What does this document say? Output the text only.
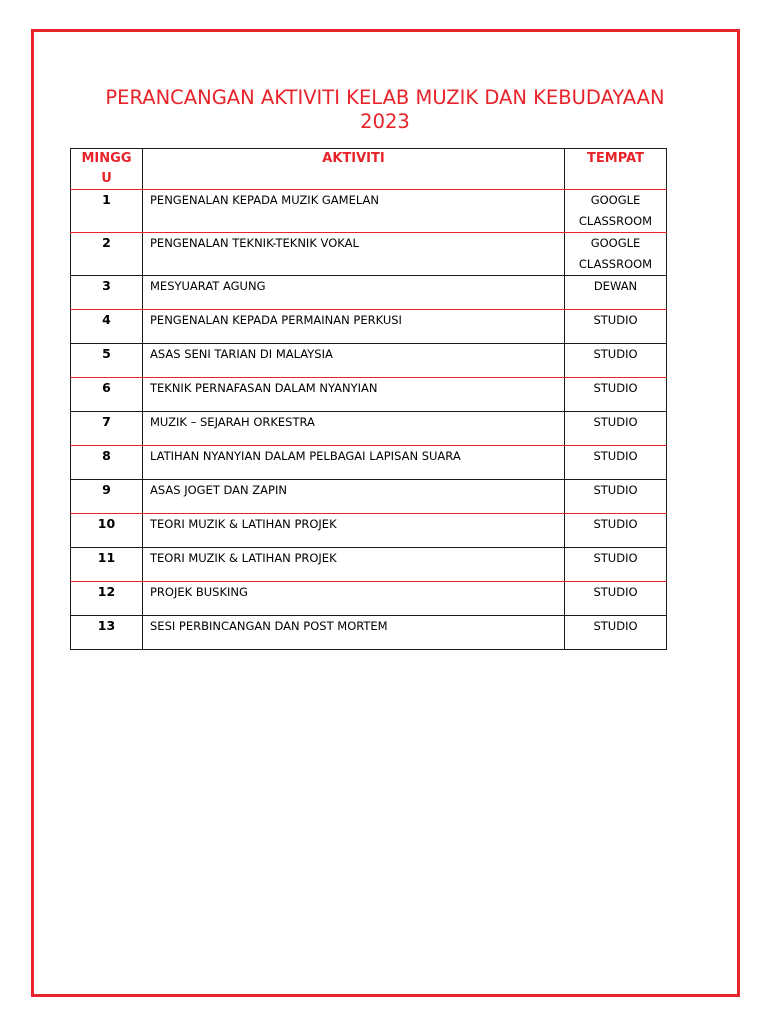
PERANCANGAN AKTIVITI KELAB MUZIK DAN KEBUDAYAAN
2023
MINGGU	AKTIVITI	TEMPAT
1	PENGENALAN KEPADA MUZIK GAMELAN	GOOGLE CLASSROOM
2	PENGENALAN TEKNIK-TEKNIK VOKAL	GOOGLE CLASSROOM
3	MESYUARAT AGUNG	DEWAN
4	PENGENALAN KEPADA PERMAINAN PERKUSI	STUDIO
5	ASAS SENI TARIAN DI MALAYSIA	STUDIO
6	TEKNIK PERNAFASAN DALAM NYANYIAN	STUDIO
7	MUZIK – SEJARAH ORKESTRA	STUDIO
8	LATIHAN NYANYIAN DALAM PELBAGAI LAPISAN SUARA	STUDIO
9	ASAS JOGET DAN ZAPIN	STUDIO
10	TEORI MUZIK & LATIHAN PROJEK	STUDIO
11	TEORI MUZIK & LATIHAN PROJEK	STUDIO
12	PROJEK BUSKING	STUDIO
13	SESI PERBINCANGAN DAN POST MORTEM	STUDIO
